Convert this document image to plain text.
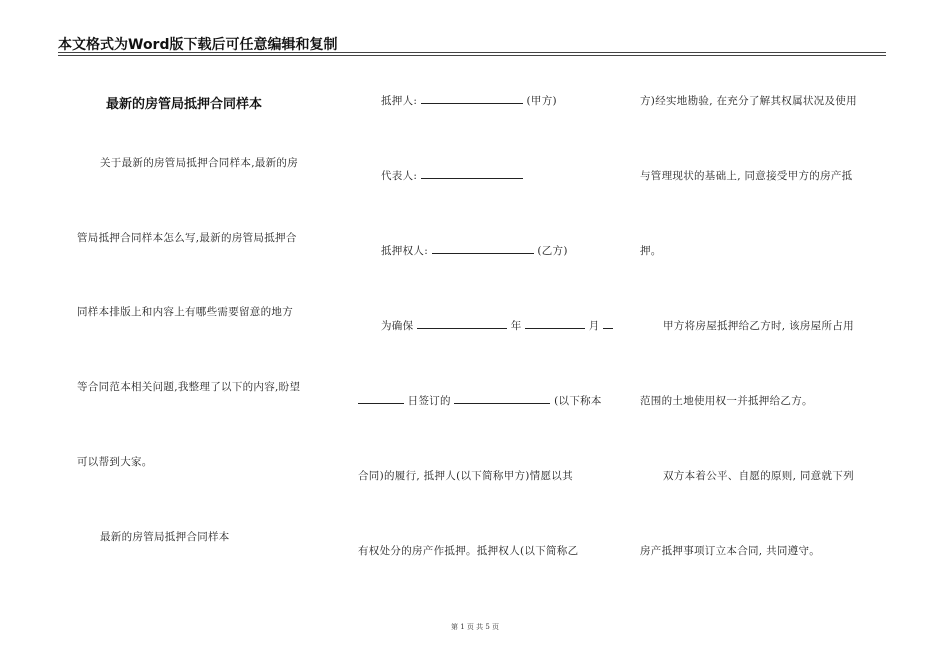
本文格式为Word版下载后可任意编辑和复制
最新的房管局抵押合同样本
关于最新的房管局抵押合同样本,最新的房
管局抵押合同样本怎么写,最新的房管局抵押合
同样本排版上和内容上有哪些需要留意的地方
等合同范本相关问题,我整理了以下的内容,盼望
可以帮到大家。
最新的房管局抵押合同样本
抵押人:	(甲方)
代表人:
抵押权人:	(乙方)
为确保	年	月
日签订的	(以下称本
合同)的履行, 抵押人(以下简称甲方)情愿以其
有权处分的房产作抵押。抵押权人(以下简称乙
方)经实地勘验, 在充分了解其权属状况及使用
与管理现状的基础上, 同意接受甲方的房产抵
押。
甲方将房屋抵押给乙方时, 该房屋所占用
范围的土地使用权一并抵押给乙方。
双方本着公平、自愿的原则, 同意就下列
房产抵押事项订立本合同, 共同遵守。
第 1 页 共 5 页
